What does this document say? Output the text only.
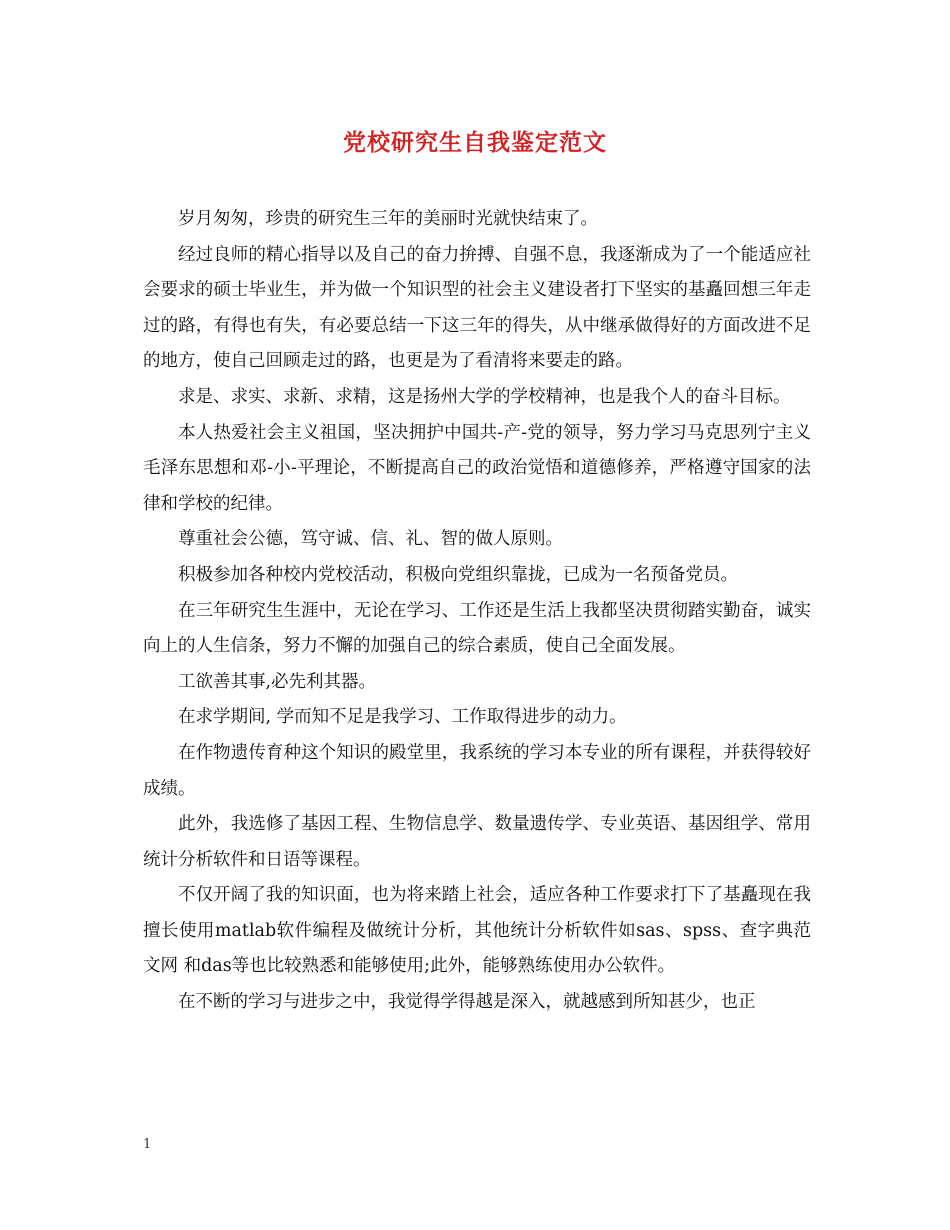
党校研究生自我鉴定范文

岁月匆匆，珍贵的研究生三年的美丽时光就快结束了。

经过良师的精心指导以及自己的奋力拚搏、自强不息，我逐渐成为了一个能适应社会要求的硕士毕业生，并为做一个知识型的社会主义建设者打下坚实的基矗回想三年走过的路，有得也有失，有必要总结一下这三年的得失，从中继承做得好的方面改进不足的地方，使自己回顾走过的路，也更是为了看清将来要走的路。

求是、求实、求新、求精，这是扬州大学的学校精神，也是我个人的奋斗目标。

本人热爱社会主义祖国，坚决拥护中国共-产-党的领导，努力学习马克思列宁主义毛泽东思想和邓-小-平理论，不断提高自己的政治觉悟和道德修养，严格遵守国家的法律和学校的纪律。

尊重社会公德，笃守诚、信、礼、智的做人原则。

积极参加各种校内党校活动，积极向党组织靠拢，已成为一名预备党员。

在三年研究生生涯中，无论在学习、工作还是生活上我都坚决贯彻踏实勤奋，诚实向上的人生信条，努力不懈的加强自己的综合素质，使自己全面发展。

工欲善其事,必先利其器。

在求学期间, 学而知不足是我学习、工作取得进步的动力。

在作物遗传育种这个知识的殿堂里，我系统的学习本专业的所有课程，并获得较好成绩。

此外，我选修了基因工程、生物信息学、数量遗传学、专业英语、基因组学、常用统计分析软件和日语等课程。

不仅开阔了我的知识面，也为将来踏上社会，适应各种工作要求打下了基矗现在我擅长使用matlab软件编程及做统计分析，其他统计分析软件如sas、spss、查字典范文网 和das等也比较熟悉和能够使用;此外，能够熟练使用办公软件。

在不断的学习与进步之中，我觉得学得越是深入，就越感到所知甚少，也正

1
